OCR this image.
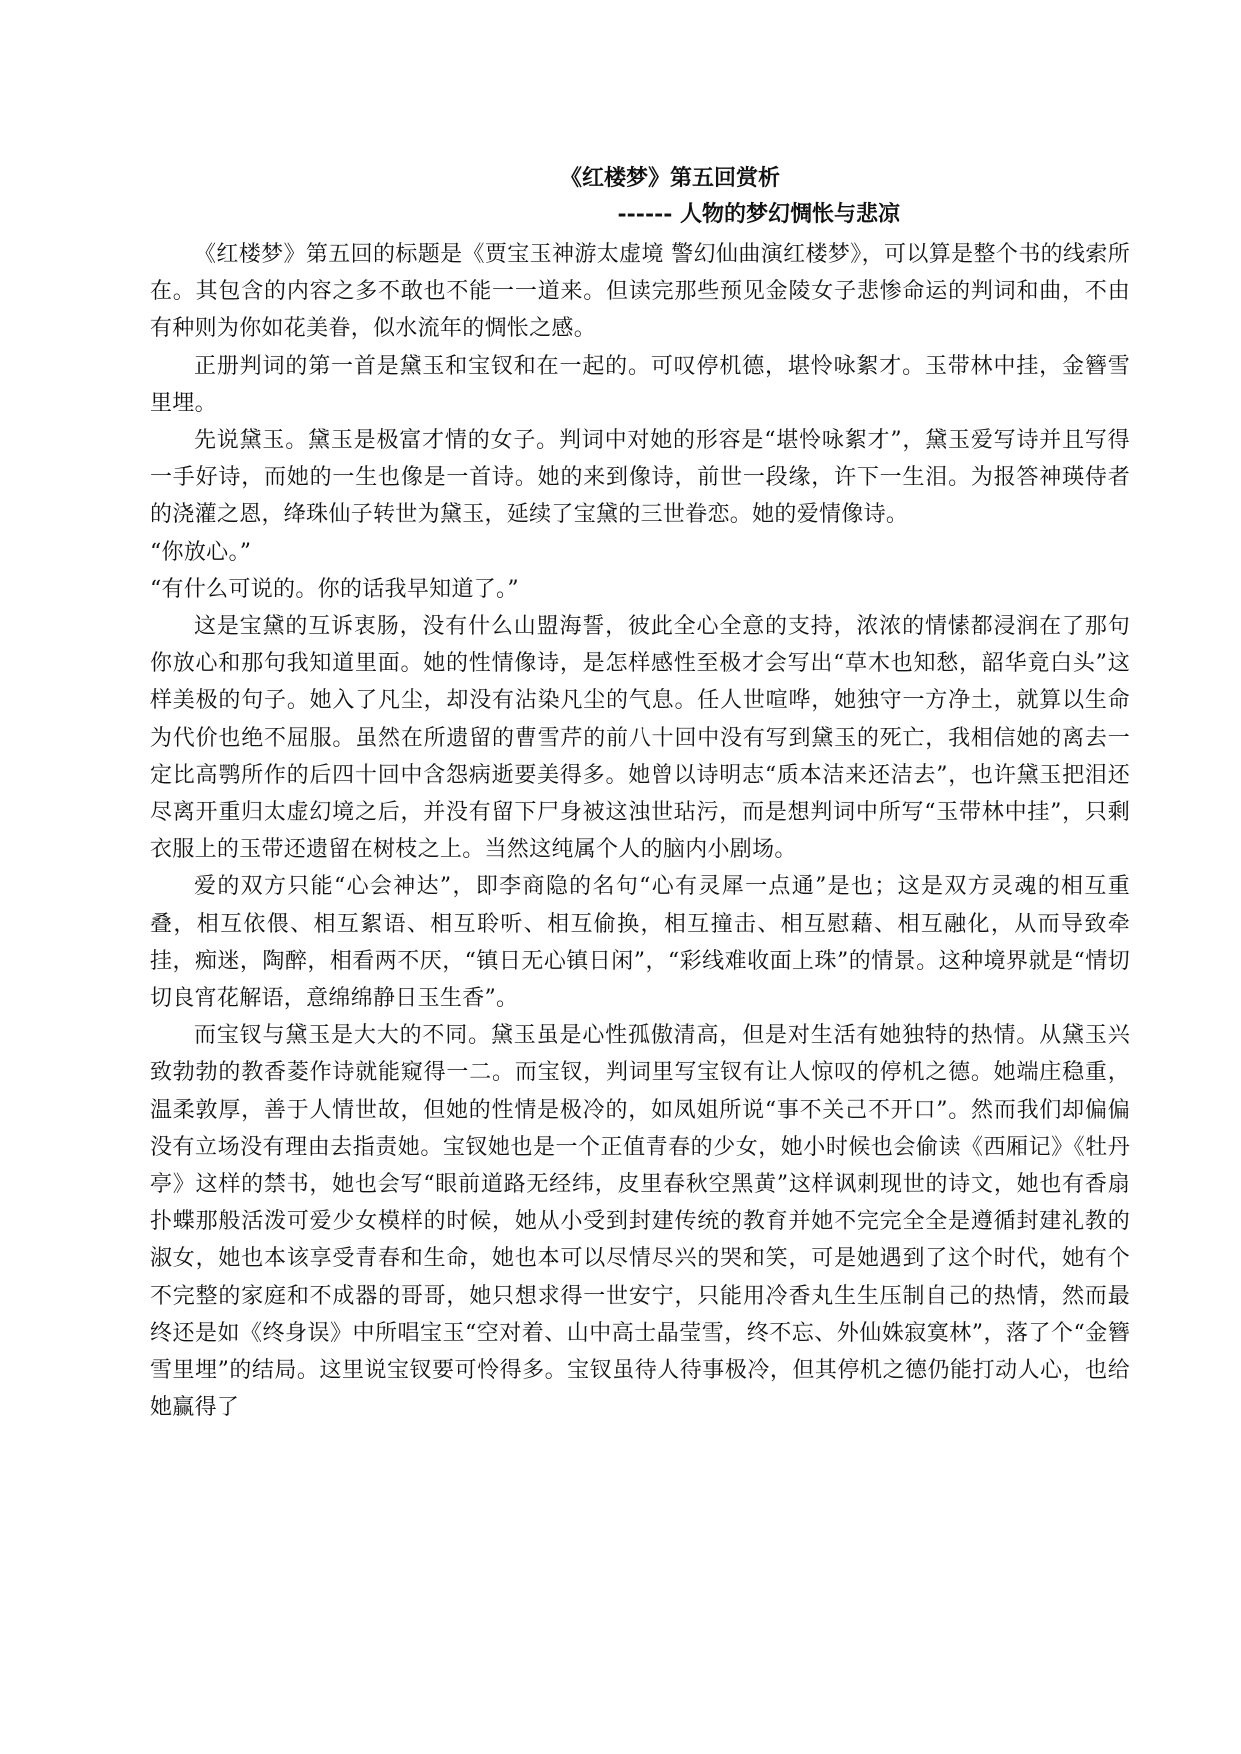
《红楼梦》第五回赏析
------ 人物的梦幻惆怅与悲凉

《红楼梦》第五回的标题是《贾宝玉神游太虚境 警幻仙曲演红楼梦》，可以算是整个书的线索所在。其包含的内容之多不敢也不能一一道来。但读完那些预见金陵女子悲惨命运的判词和曲，不由有种则为你如花美眷，似水流年的惆怅之感。

正册判词的第一首是黛玉和宝钗和在一起的。可叹停机德，堪怜咏絮才。玉带林中挂，金簪雪里埋。

先说黛玉。黛玉是极富才情的女子。判词中对她的形容是“堪怜咏絮才”，黛玉爱写诗并且写得一手好诗，而她的一生也像是一首诗。她的来到像诗，前世一段缘，许下一生泪。为报答神瑛侍者的浇灌之恩，绛珠仙子转世为黛玉，延续了宝黛的三世眷恋。她的爱情像诗。

“你放心。”

“有什么可说的。你的话我早知道了。”

这是宝黛的互诉衷肠，没有什么山盟海誓，彼此全心全意的支持，浓浓的情愫都浸润在了那句你放心和那句我知道里面。她的性情像诗，是怎样感性至极才会写出“草木也知愁，韶华竟白头”这样美极的句子。她入了凡尘，却没有沾染凡尘的气息。任人世喧哗，她独守一方净土，就算以生命为代价也绝不屈服。虽然在所遗留的曹雪芹的前八十回中没有写到黛玉的死亡，我相信她的离去一定比高鹗所作的后四十回中含怨病逝要美得多。她曾以诗明志“质本洁来还洁去”，也许黛玉把泪还尽离开重归太虚幻境之后，并没有留下尸身被这浊世玷污，而是想判词中所写“玉带林中挂”，只剩衣服上的玉带还遗留在树枝之上。当然这纯属个人的脑内小剧场。

爱的双方只能“心会神达”，即李商隐的名句“心有灵犀一点通”是也；这是双方灵魂的相互重叠，相互依偎、相互絮语、相互聆听、相互偷换，相互撞击、相互慰藉、相互融化，从而导致牵挂，痴迷，陶醉，相看两不厌，“镇日无心镇日闲”，“彩线难收面上珠”的情景。这种境界就是“情切切良宵花解语，意绵绵静日玉生香”。

而宝钗与黛玉是大大的不同。黛玉虽是心性孤傲清高，但是对生活有她独特的热情。从黛玉兴致勃勃的教香菱作诗就能窥得一二。而宝钗，判词里写宝钗有让人惊叹的停机之德。她端庄稳重，温柔敦厚，善于人情世故，但她的性情是极冷的，如凤姐所说“事不关己不开口”。然而我们却偏偏没有立场没有理由去指责她。宝钗她也是一个正值青春的少女，她小时候也会偷读《西厢记》《牡丹亭》这样的禁书，她也会写“眼前道路无经纬，皮里春秋空黑黄”这样讽刺现世的诗文，她也有香扇扑蝶那般活泼可爱少女模样的时候，她从小受到封建传统的教育并她不完完全全是遵循封建礼教的淑女，她也本该享受青春和生命，她也本可以尽情尽兴的哭和笑，可是她遇到了这个时代，她有个不完整的家庭和不成器的哥哥，她只想求得一世安宁，只能用冷香丸生生压制自己的热情，然而最终还是如《终身误》中所唱宝玉“空对着、山中高士晶莹雪，终不忘、外仙姝寂寞林”，落了个“金簪雪里埋”的结局。这里说宝钗要可怜得多。宝钗虽待人待事极冷，但其停机之德仍能打动人心，也给她赢得了
